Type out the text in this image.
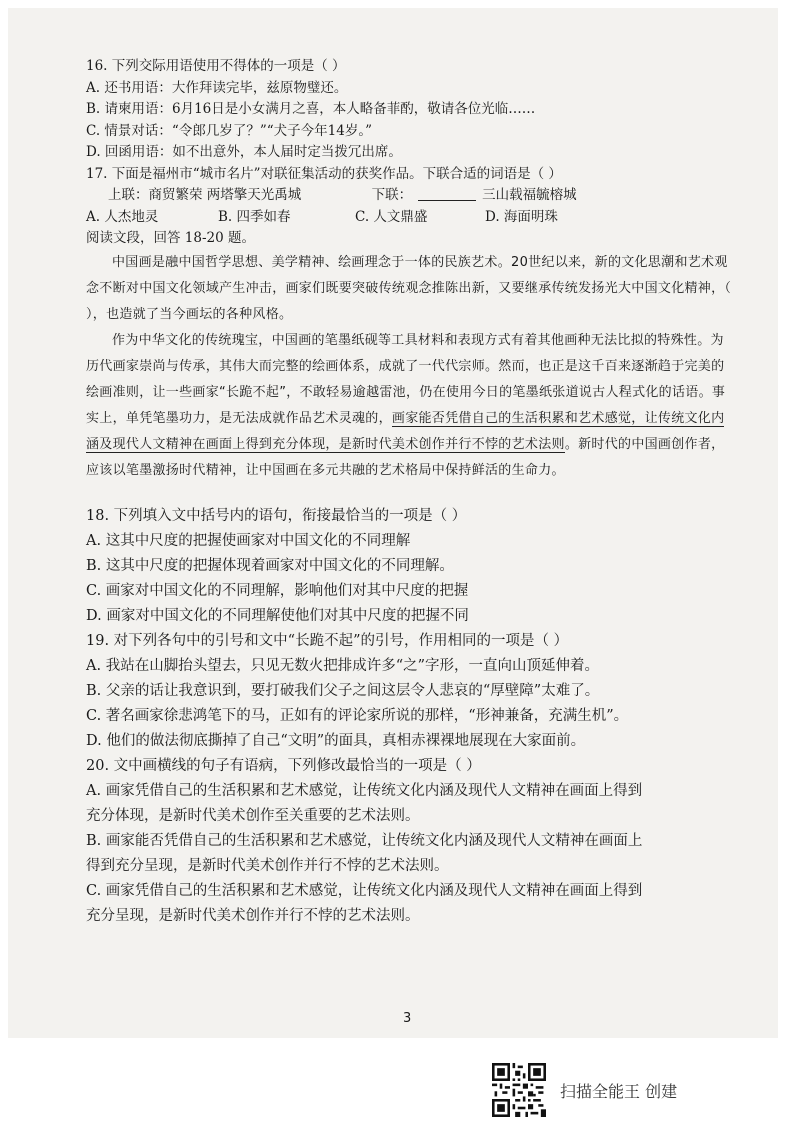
16. 下列交际用语使用不得体的一项是（ ）
A. 还书用语：大作拜读完毕，兹原物璧还。
B. 请柬用语：6月16日是小女满月之喜，本人略备菲酌，敬请各位光临……
C. 情景对话：“令郎几岁了？”“犬子今年14岁。”
D. 回函用语：如不出意外，本人届时定当拨冗出席。
17. 下面是福州市“城市名片”对联征集活动的获奖作品。下联合适的词语是（ ）
上联：商贸繁荣 两塔擎天光禹城	下联：	三山载福毓榕城
A. 人杰地灵	B. 四季如春	C. 人文鼎盛	D. 海面明珠
阅读文段，回答 18-20 题。

中国画是融中国哲学思想、美学精神、绘画理念于一体的民族艺术。20世纪以来，新的文化思潮和艺术观念不断对中国文化领域产生冲击，画家们既要突破传统观念推陈出新，又要继承传统发扬光大中国文化精神，（ ），也造就了当今画坛的各种风格。

作为中华文化的传统瑰宝，中国画的笔墨纸砚等工具材料和表现方式有着其他画种无法比拟的特殊性。为历代画家崇尚与传承，其伟大而完整的绘画体系，成就了一代代宗师。然而，也正是这千百来逐渐趋于完美的绘画准则，让一些画家“长跪不起”，不敢轻易逾越雷池，仍在使用今日的笔墨纸张道说古人程式化的话语。事实上，单凭笔墨功力，是无法成就作品艺术灵魂的，画家能否凭借自己的生活积累和艺术感觉，让传统文化内涵及现代人文精神在画面上得到充分体现，是新时代美术创作并行不悖的艺术法则。新时代的中国画创作者，应该以笔墨激扬时代精神，让中国画在多元共融的艺术格局中保持鲜活的生命力。

18. 下列填入文中括号内的语句，衔接最恰当的一项是（ ）
A. 这其中尺度的把握使画家对中国文化的不同理解
B. 这其中尺度的把握体现着画家对中国文化的不同理解。
C. 画家对中国文化的不同理解，影响他们对其中尺度的把握
D. 画家对中国文化的不同理解使他们对其中尺度的把握不同
19. 对下列各句中的引号和文中“长跪不起”的引号，作用相同的一项是（ ）
A. 我站在山脚抬头望去，只见无数火把排成许多“之”字形，一直向山顶延伸着。
B. 父亲的话让我意识到，要打破我们父子之间这层令人悲哀的“厚壁障”太难了。
C. 著名画家徐悲鸿笔下的马，正如有的评论家所说的那样，“形神兼备，充满生机”。
D. 他们的做法彻底撕掉了自己“文明”的面具，真相赤裸裸地展现在大家面前。
20. 文中画横线的句子有语病，下列修改最恰当的一项是（ ）
A. 画家凭借自己的生活积累和艺术感觉，让传统文化内涵及现代人文精神在画面上得到
充分体现，是新时代美术创作至关重要的艺术法则。
B. 画家能否凭借自己的生活积累和艺术感觉，让传统文化内涵及现代人文精神在画面上
得到充分呈现，是新时代美术创作并行不悖的艺术法则。
C. 画家凭借自己的生活积累和艺术感觉，让传统文化内涵及现代人文精神在画面上得到
充分呈现，是新时代美术创作并行不悖的艺术法则。
3
扫描全能王 创建
